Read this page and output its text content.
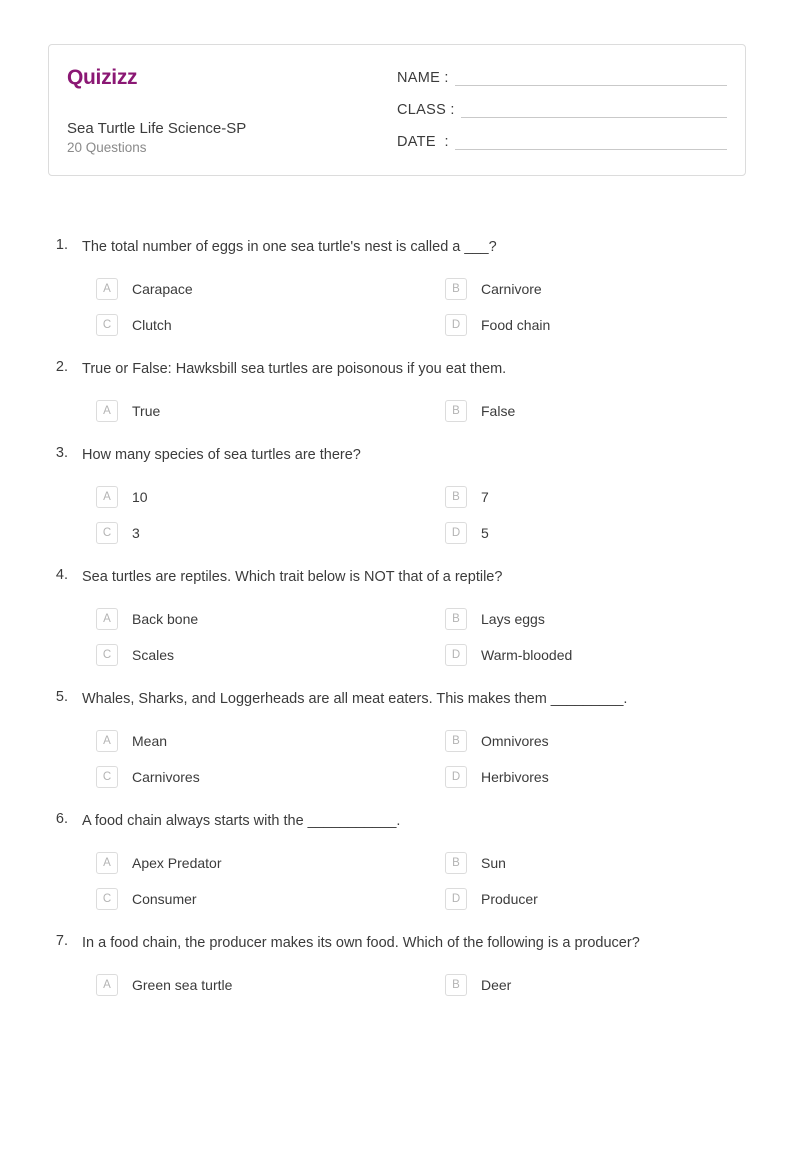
Quizizz
Sea Turtle Life Science-SP
20 Questions
NAME :
CLASS :
DATE  :
1. The total number of eggs in one sea turtle's nest is called a ___?
A	Carapace	B	Carnivore
C	Clutch	D	Food chain
2. True or False: Hawksbill sea turtles are poisonous if you eat them.
A	True	B	False
3. How many species of sea turtles are there?
A	10	B	7
C	3	D	5
4. Sea turtles are reptiles. Which trait below is NOT that of a reptile?
A	Back bone	B	Lays eggs
C	Scales	D	Warm-blooded
5. Whales, Sharks, and Loggerheads are all meat eaters. This makes them _________.
A	Mean	B	Omnivores
C	Carnivores	D	Herbivores
6. A food chain always starts with the ___________.
A	Apex Predator	B	Sun
C	Consumer	D	Producer
7. In a food chain, the producer makes its own food. Which of the following is a producer?
A	Green sea turtle	B	Deer
